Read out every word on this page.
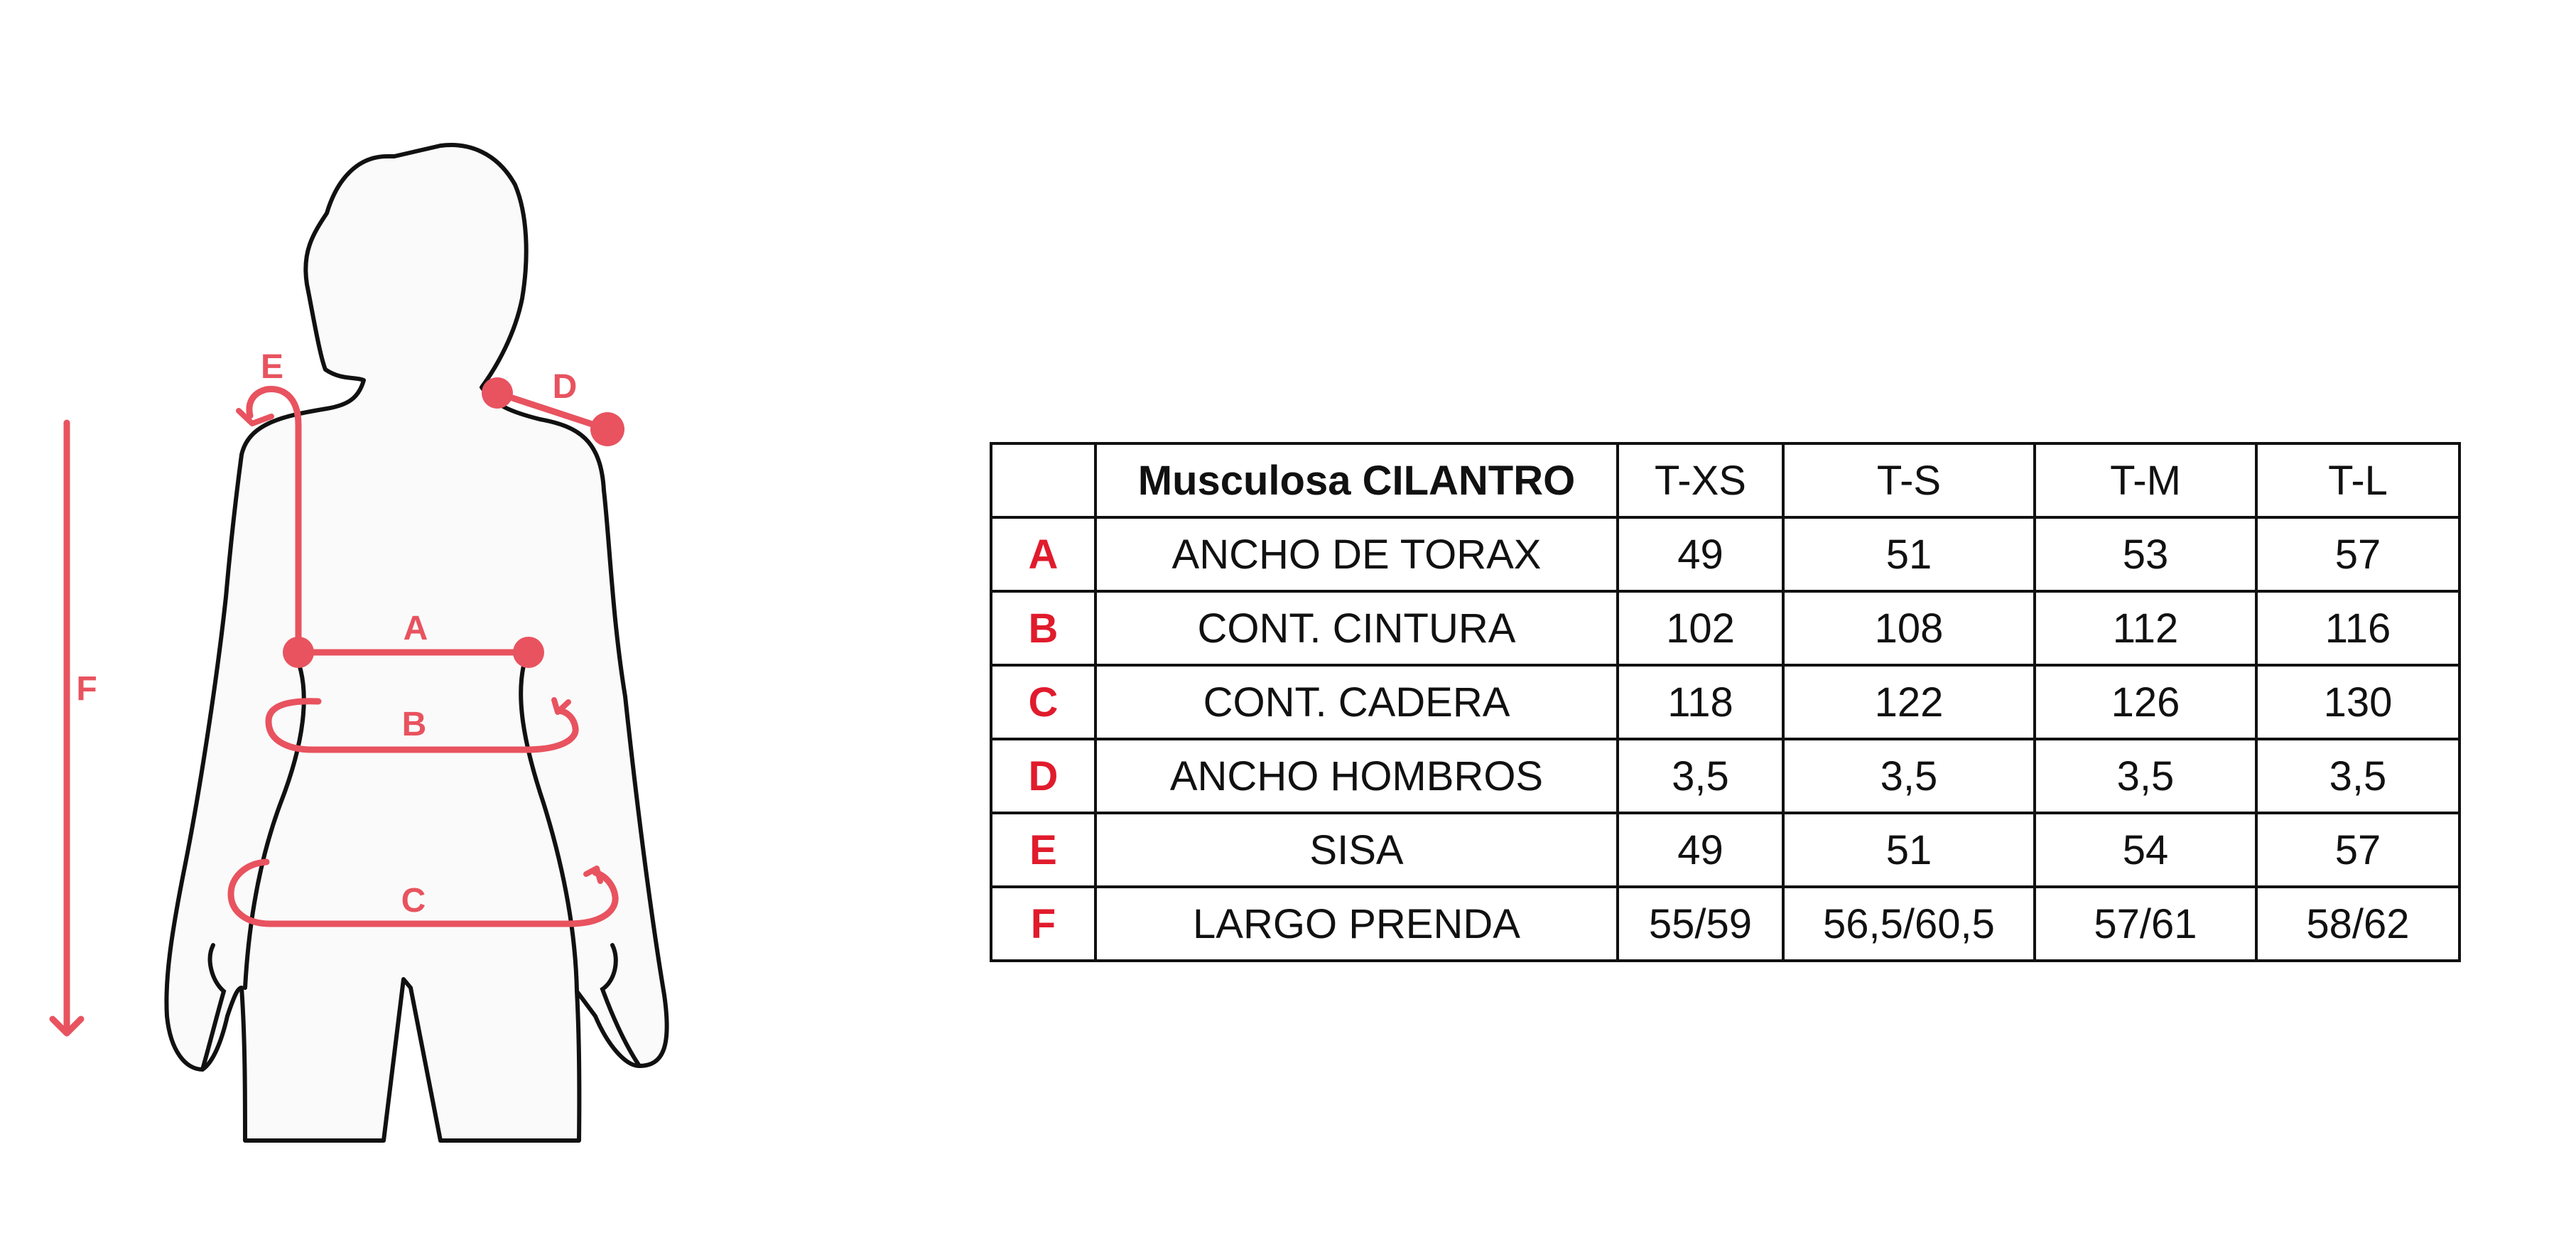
F
E
D
A
B
C
	Musculosa CILANTRO	T-XS	T-S	T-M	T-L
A	ANCHO DE TORAX	49	51	53	57
B	CONT. CINTURA	102	108	112	116
C	CONT. CADERA	118	122	126	130
D	ANCHO HOMBROS	3,5	3,5	3,5	3,5
E	SISA	49	51	54	57
F	LARGO PRENDA	55/59	56,5/60,5	57/61	58/62
